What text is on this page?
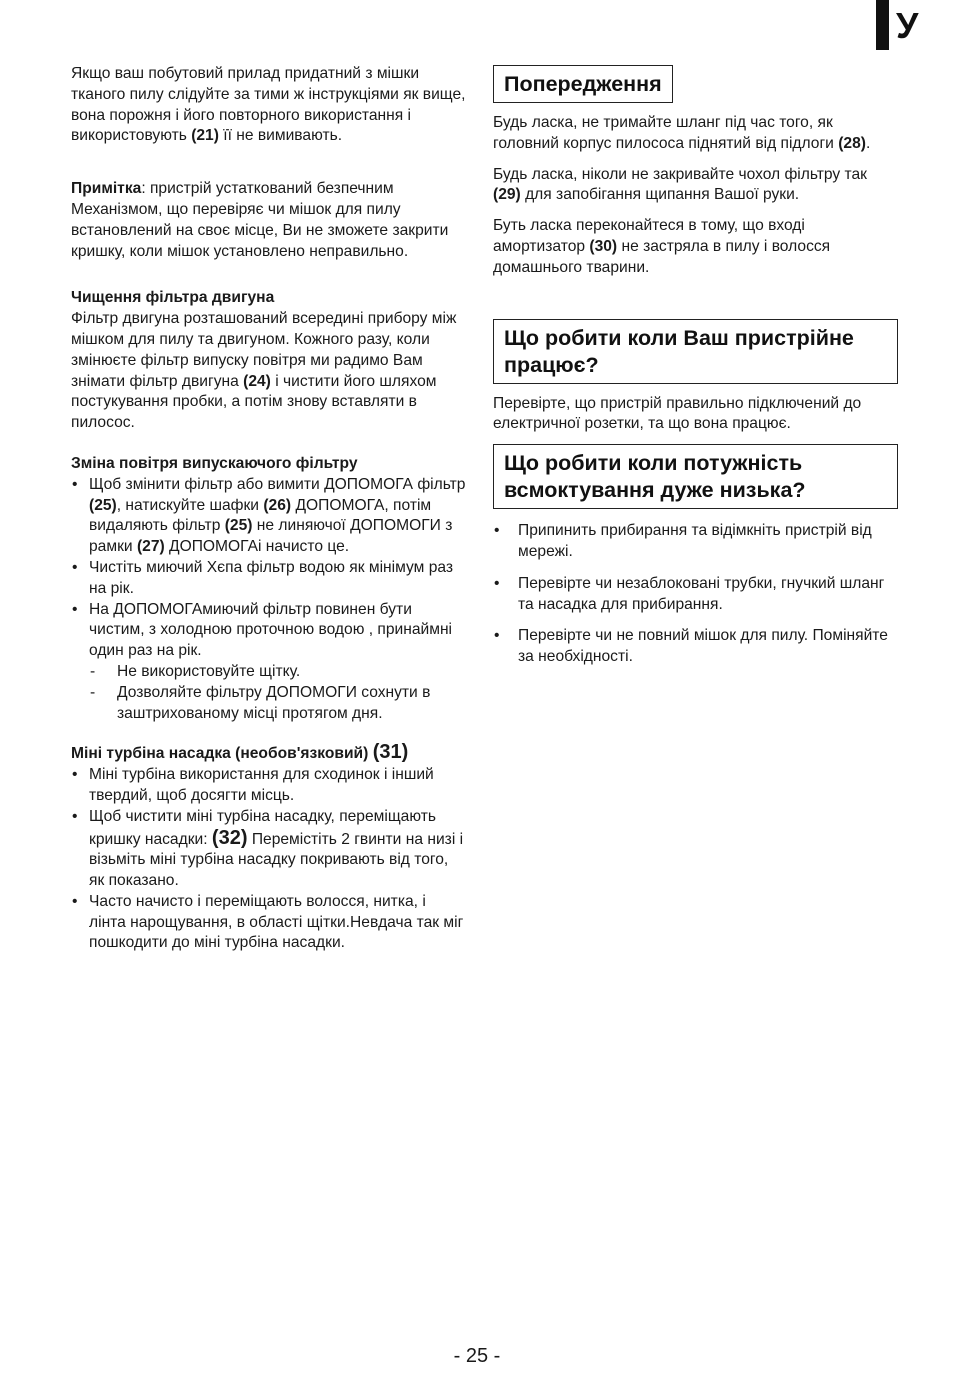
У

Якщо ваш побутовий прилад придатний з мішки тканого пилу слідуйте за тими ж інструкціями як вище, вона порожня і його повторного використання і використовують (21) її не вимивають.

Примітка: пристрій устаткований безпечним Механізмом, що перевіряє чи мішок для пилу встановлений на своє місце, Ви не зможете закрити кришку, коли мішок установлено неправильно.

Чищення фільтра двигуна

Фільтр двигуна розташований всередині прибору між мішком для пилу та двигуном. Кожного разу, коли змінюєте фільтр випуску повітря ми радимо Вам знімати фільтр двигуна (24) і чистити його шляхом постукування пробки, а потім знову вставляти в пилосос.

Зміна повітря випускаючого фільтру
• Щоб змінити фільтр або вимити ДОПОМОГА фільтр (25), натискуйте шафки (26) ДОПОМОГА, потім видаляють фільтр (25) не линяючої ДОПОМОГИ з рамки (27) ДОПОМОГАі начисто це.
• Чистіть миючий Хєпа фільтр водою як мінімум раз на рік.
• На ДОПОМОГАмиючий фільтр повинен бути чистим, з холодною проточною водою , принаймні один раз на рік.
- Не використовуйте щітку.
- Дозволяйте фільтру ДОПОМОГИ сохнути в заштрихованому місці протягом дня.
Міні турбіна насадка (необов'язковий) (31)
• Міні турбіна використання для сходинок і інший твердий, щоб досягти місць.
• Щоб чистити міні турбіна насадку, переміщають кришку насадки: (32) Перемістіть 2 гвинти на низі і візьміть міні турбіна насадку покривають від того, як показано.
• Часто начисто і переміщають волосся, нитка, і лінта нарощування, в області щітки.Невдача так міг пошкодити до міні турбіна насадки.
Попередження

Будь ласка, не тримайте шланг під час того, як головний корпус пилососа піднятий від підлоги (28).

Будь ласка, ніколи не закривайте чохол фільтру так (29) для запобігання щипання Вашої руки.

Буть ласка переконайтеся в тому, що вході амортизатор (30) не застряла в пилу і волосся домашнього тварини.

Що робити коли Ваш пристрійне працює?

Перевірте, що пристрій правильно підключений до електричної розетки, та що вона працює.

Що робити коли потужність всмоктування дуже низька?
• Припинить прибирання та відімкніть пристрій від мережі.
• Перевірте чи незаблоковані трубки, гнучкий шланг та насадка для прибирання.
• Перевірте чи не повний мішок для пилу. Поміняйте за необхідності.
- 25 -
